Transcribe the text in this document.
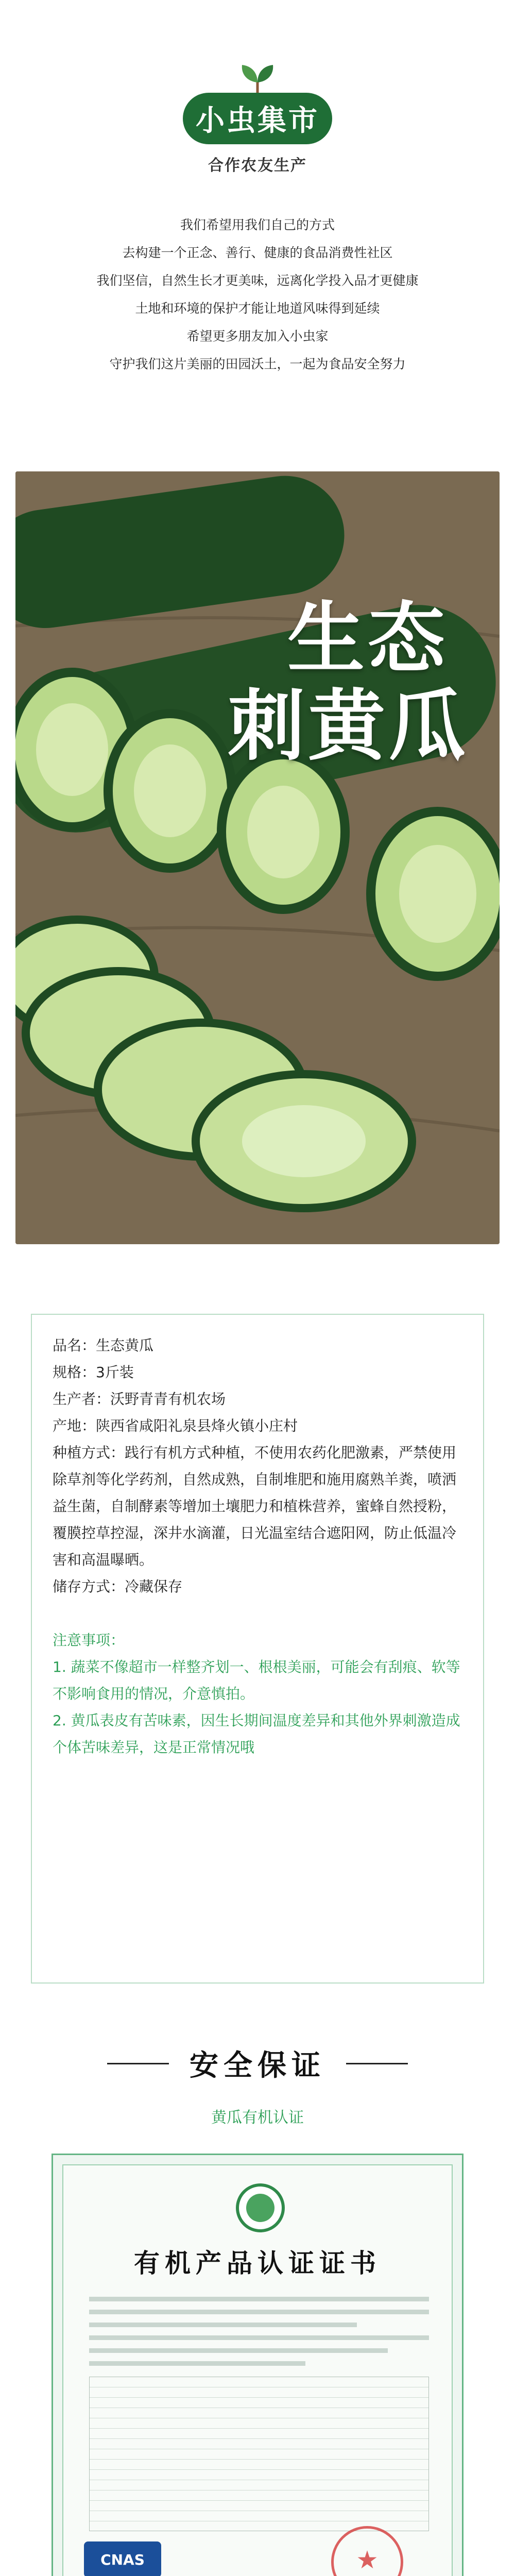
小虫集市
合作农友生产
我们希望用我们自己的方式
去构建一个正念、善行、健康的食品消费性社区
我们坚信，自然生长才更美味，远离化学投入品才更健康
土地和环境的保护才能让地道风味得到延续
希望更多朋友加入小虫家
守护我们这片美丽的田园沃土，一起为食品安全努力
生态
刺黄瓜
品名：生态黄瓜
规格：3斤装
生产者：沃野青青有机农场
产地：陕西省咸阳礼泉县烽火镇小庄村
种植方式：践行有机方式种植，不使用农药化肥激素，严禁使用除草剂等化学药剂，自然成熟，自制堆肥和施用腐熟羊粪，喷洒益生菌，自制酵素等增加土壤肥力和植株营养，蜜蜂自然授粉，覆膜控草控湿，深井水滴灌，日光温室结合遮阳网，防止低温冷害和高温曝晒。
储存方式：冷藏保存
注意事项：
1. 蔬菜不像超市一样整齐划一、根根美丽，可能会有刮痕、软等不影响食用的情况，介意慎拍。
2. 黄瓜表皮有苦味素，因生长期间温度差异和其他外界刺激造成个体苦味差异，这是正常情况哦
安全保证
黄瓜有机认证
有机产品认证证书
CNAS	★
